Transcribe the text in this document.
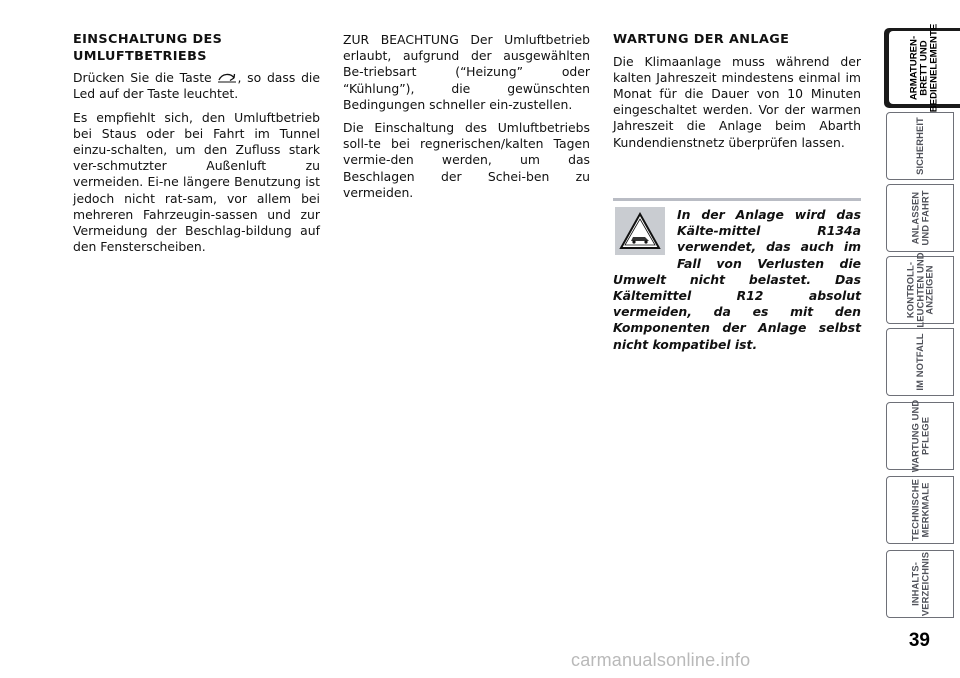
EINSCHALTUNG DES
UMLUFTBETRIEBS

Drücken Sie die Taste , so dass die Led auf der Taste leuchtet.

Es empfiehlt sich, den Umluftbetrieb bei Staus oder bei Fahrt im Tunnel einzu-schalten, um den Zufluss stark ver-schmutzter Außenluft zu vermeiden. Ei-ne längere Benutzung ist jedoch nicht rat-sam, vor allem bei mehreren Fahrzeugin-sassen und zur Vermeidung der Beschlag-bildung auf den Fensterscheiben.

ZUR BEACHTUNG Der Umluftbetrieb erlaubt, aufgrund der ausgewählten Be-triebsart (“Heizung” oder “Kühlung”), die gewünschten Bedingungen schneller ein-zustellen.

Die Einschaltung des Umluftbetriebs soll-te bei regnerischen/kalten Tagen vermie-den werden, um das Beschlagen der Schei-ben zu vermeiden.

WARTUNG DER ANLAGE

Die Klimaanlage muss während der kalten Jahreszeit mindestens einmal im Monat für die Dauer von 10 Minuten eingeschaltet werden. Vor der warmen Jahreszeit die Anlage beim Abarth Kundendienstnetz überprüfen lassen.

In der Anlage wird das Kälte-mittel R134a verwendet, das auch im Fall von Verlusten die Umwelt nicht belastet. Das Kältemittel R12 absolut vermeiden, da es mit den Komponenten der Anlage selbst nicht kompatibel ist.

ARMATUREN-
BRETT UND
BEDIENELEMENTE
SICHERHEIT
ANLASSEN
UND FAHRT
KONTROLL-
LEUCHTEN UND
ANZEIGEN
IM NOTFALL
WARTUNG UND
PFLEGE
TECHNISCHE
MERKMALE
INHALTS-
VERZEICHNIS
39
carmanualsonline.info
